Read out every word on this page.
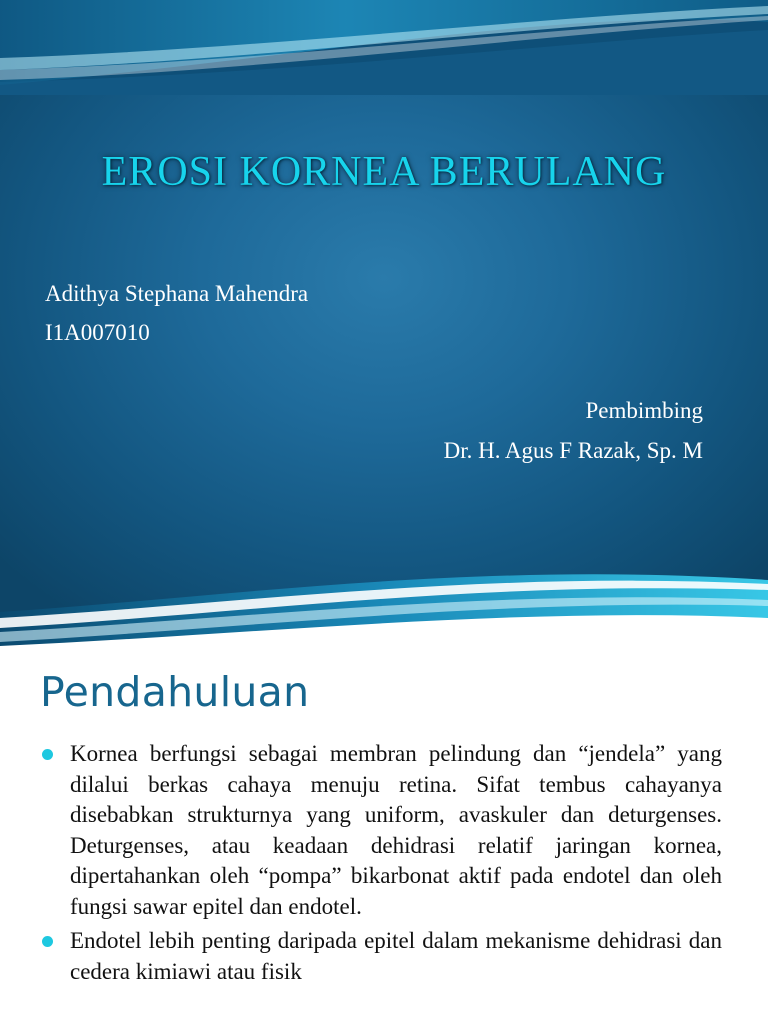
EROSI KORNEA BERULANG
Adithya Stephana Mahendra
I1A007010
Pembimbing
Dr. H. Agus F Razak, Sp. M
Pendahuluan
Kornea berfungsi sebagai membran pelindung dan “jendela” yang dilalui berkas cahaya menuju retina. Sifat tembus cahayanya disebabkan strukturnya yang uniform, avaskuler dan deturgenses. Deturgenses, atau keadaan dehidrasi relatif jaringan kornea, dipertahankan oleh “pompa” bikarbonat aktif pada endotel dan oleh fungsi sawar epitel dan endotel.
Endotel lebih penting daripada epitel dalam mekanisme dehidrasi dan cedera kimiawi atau fisik
